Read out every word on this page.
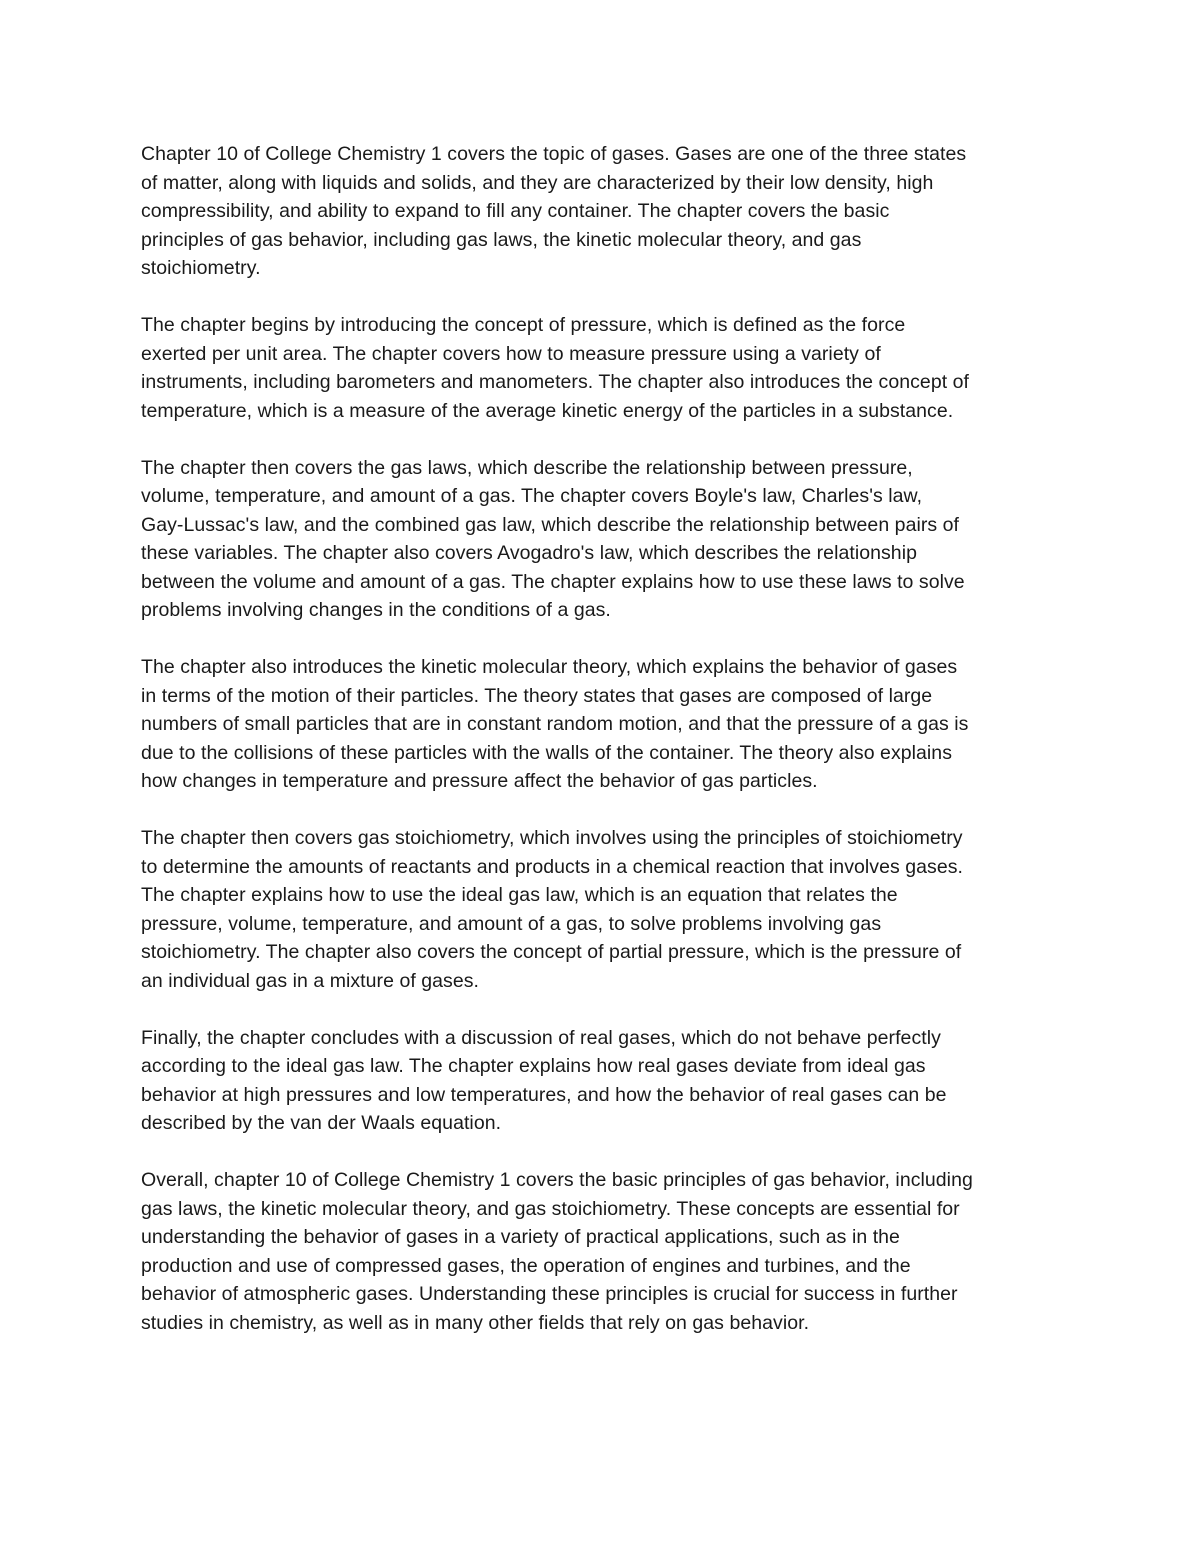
Chapter 10 of College Chemistry 1 covers the topic of gases. Gases are one of the three states
of matter, along with liquids and solids, and they are characterized by their low density, high
compressibility, and ability to expand to fill any container. The chapter covers the basic
principles of gas behavior, including gas laws, the kinetic molecular theory, and gas
stoichiometry.

The chapter begins by introducing the concept of pressure, which is defined as the force
exerted per unit area. The chapter covers how to measure pressure using a variety of
instruments, including barometers and manometers. The chapter also introduces the concept of
temperature, which is a measure of the average kinetic energy of the particles in a substance.

The chapter then covers the gas laws, which describe the relationship between pressure,
volume, temperature, and amount of a gas. The chapter covers Boyle's law, Charles's law,
Gay-Lussac's law, and the combined gas law, which describe the relationship between pairs of
these variables. The chapter also covers Avogadro's law, which describes the relationship
between the volume and amount of a gas. The chapter explains how to use these laws to solve
problems involving changes in the conditions of a gas.

The chapter also introduces the kinetic molecular theory, which explains the behavior of gases
in terms of the motion of their particles. The theory states that gases are composed of large
numbers of small particles that are in constant random motion, and that the pressure of a gas is
due to the collisions of these particles with the walls of the container. The theory also explains
how changes in temperature and pressure affect the behavior of gas particles.

The chapter then covers gas stoichiometry, which involves using the principles of stoichiometry
to determine the amounts of reactants and products in a chemical reaction that involves gases.
The chapter explains how to use the ideal gas law, which is an equation that relates the
pressure, volume, temperature, and amount of a gas, to solve problems involving gas
stoichiometry. The chapter also covers the concept of partial pressure, which is the pressure of
an individual gas in a mixture of gases.

Finally, the chapter concludes with a discussion of real gases, which do not behave perfectly
according to the ideal gas law. The chapter explains how real gases deviate from ideal gas
behavior at high pressures and low temperatures, and how the behavior of real gases can be
described by the van der Waals equation.

Overall, chapter 10 of College Chemistry 1 covers the basic principles of gas behavior, including
gas laws, the kinetic molecular theory, and gas stoichiometry. These concepts are essential for
understanding the behavior of gases in a variety of practical applications, such as in the
production and use of compressed gases, the operation of engines and turbines, and the
behavior of atmospheric gases. Understanding these principles is crucial for success in further
studies in chemistry, as well as in many other fields that rely on gas behavior.
